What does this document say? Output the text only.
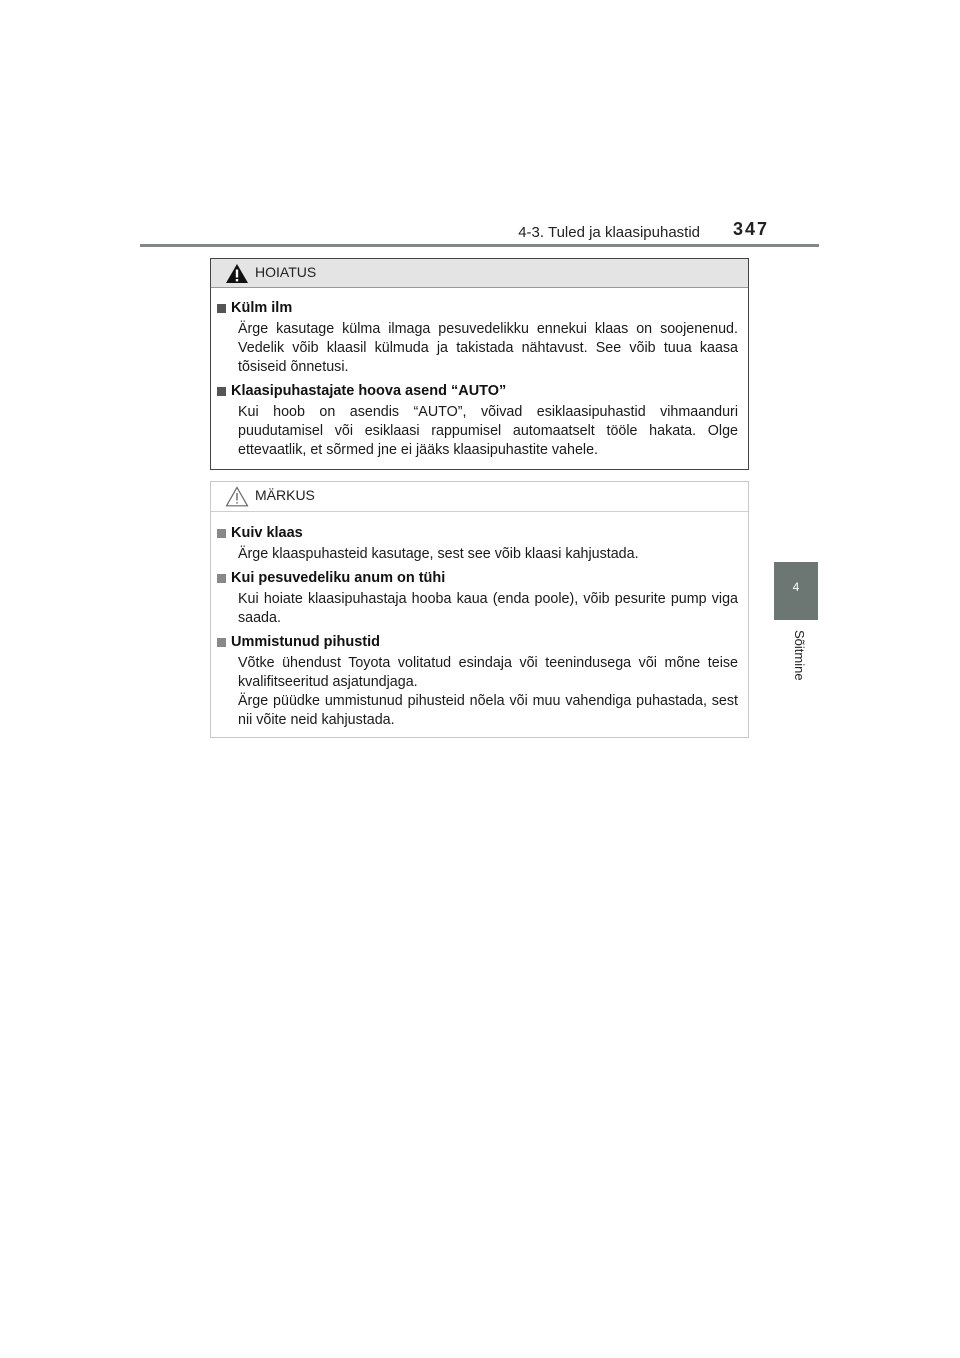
4-3. Tuled ja klaasipuhastid 347
4
Sõitmine
HOIATUS
Külm ilm

Ärge kasutage külma ilmaga pesuvedelikku ennekui klaas on soojenenud. Vedelik võib klaasil külmuda ja takistada nähtavust. See võib tuua kaasa tõsiseid õnnetusi.

Klaasipuhastajate hoova asend “AUTO”

Kui hoob on asendis “AUTO”, võivad esiklaasipuhastid vihmaanduri puudutamisel või esiklaasi rappumisel automaatselt tööle hakata. Olge ettevaatlik, et sõrmed jne ei jääks klaasipuhastite vahele.

MÄRKUS
Kuiv klaas

Ärge klaaspuhasteid kasutage, sest see võib klaasi kahjustada.

Kui pesuvedeliku anum on tühi

Kui hoiate klaasipuhastaja hooba kaua (enda poole), võib pesurite pump viga saada.

Ummistunud pihustid

Võtke ühendust Toyota volitatud esindaja või teenindusega või mõne teise kvalifitseeritud asjatundjaga.

Ärge püüdke ummistunud pihusteid nõela või muu vahendiga puhastada, sest nii võite neid kahjustada.
